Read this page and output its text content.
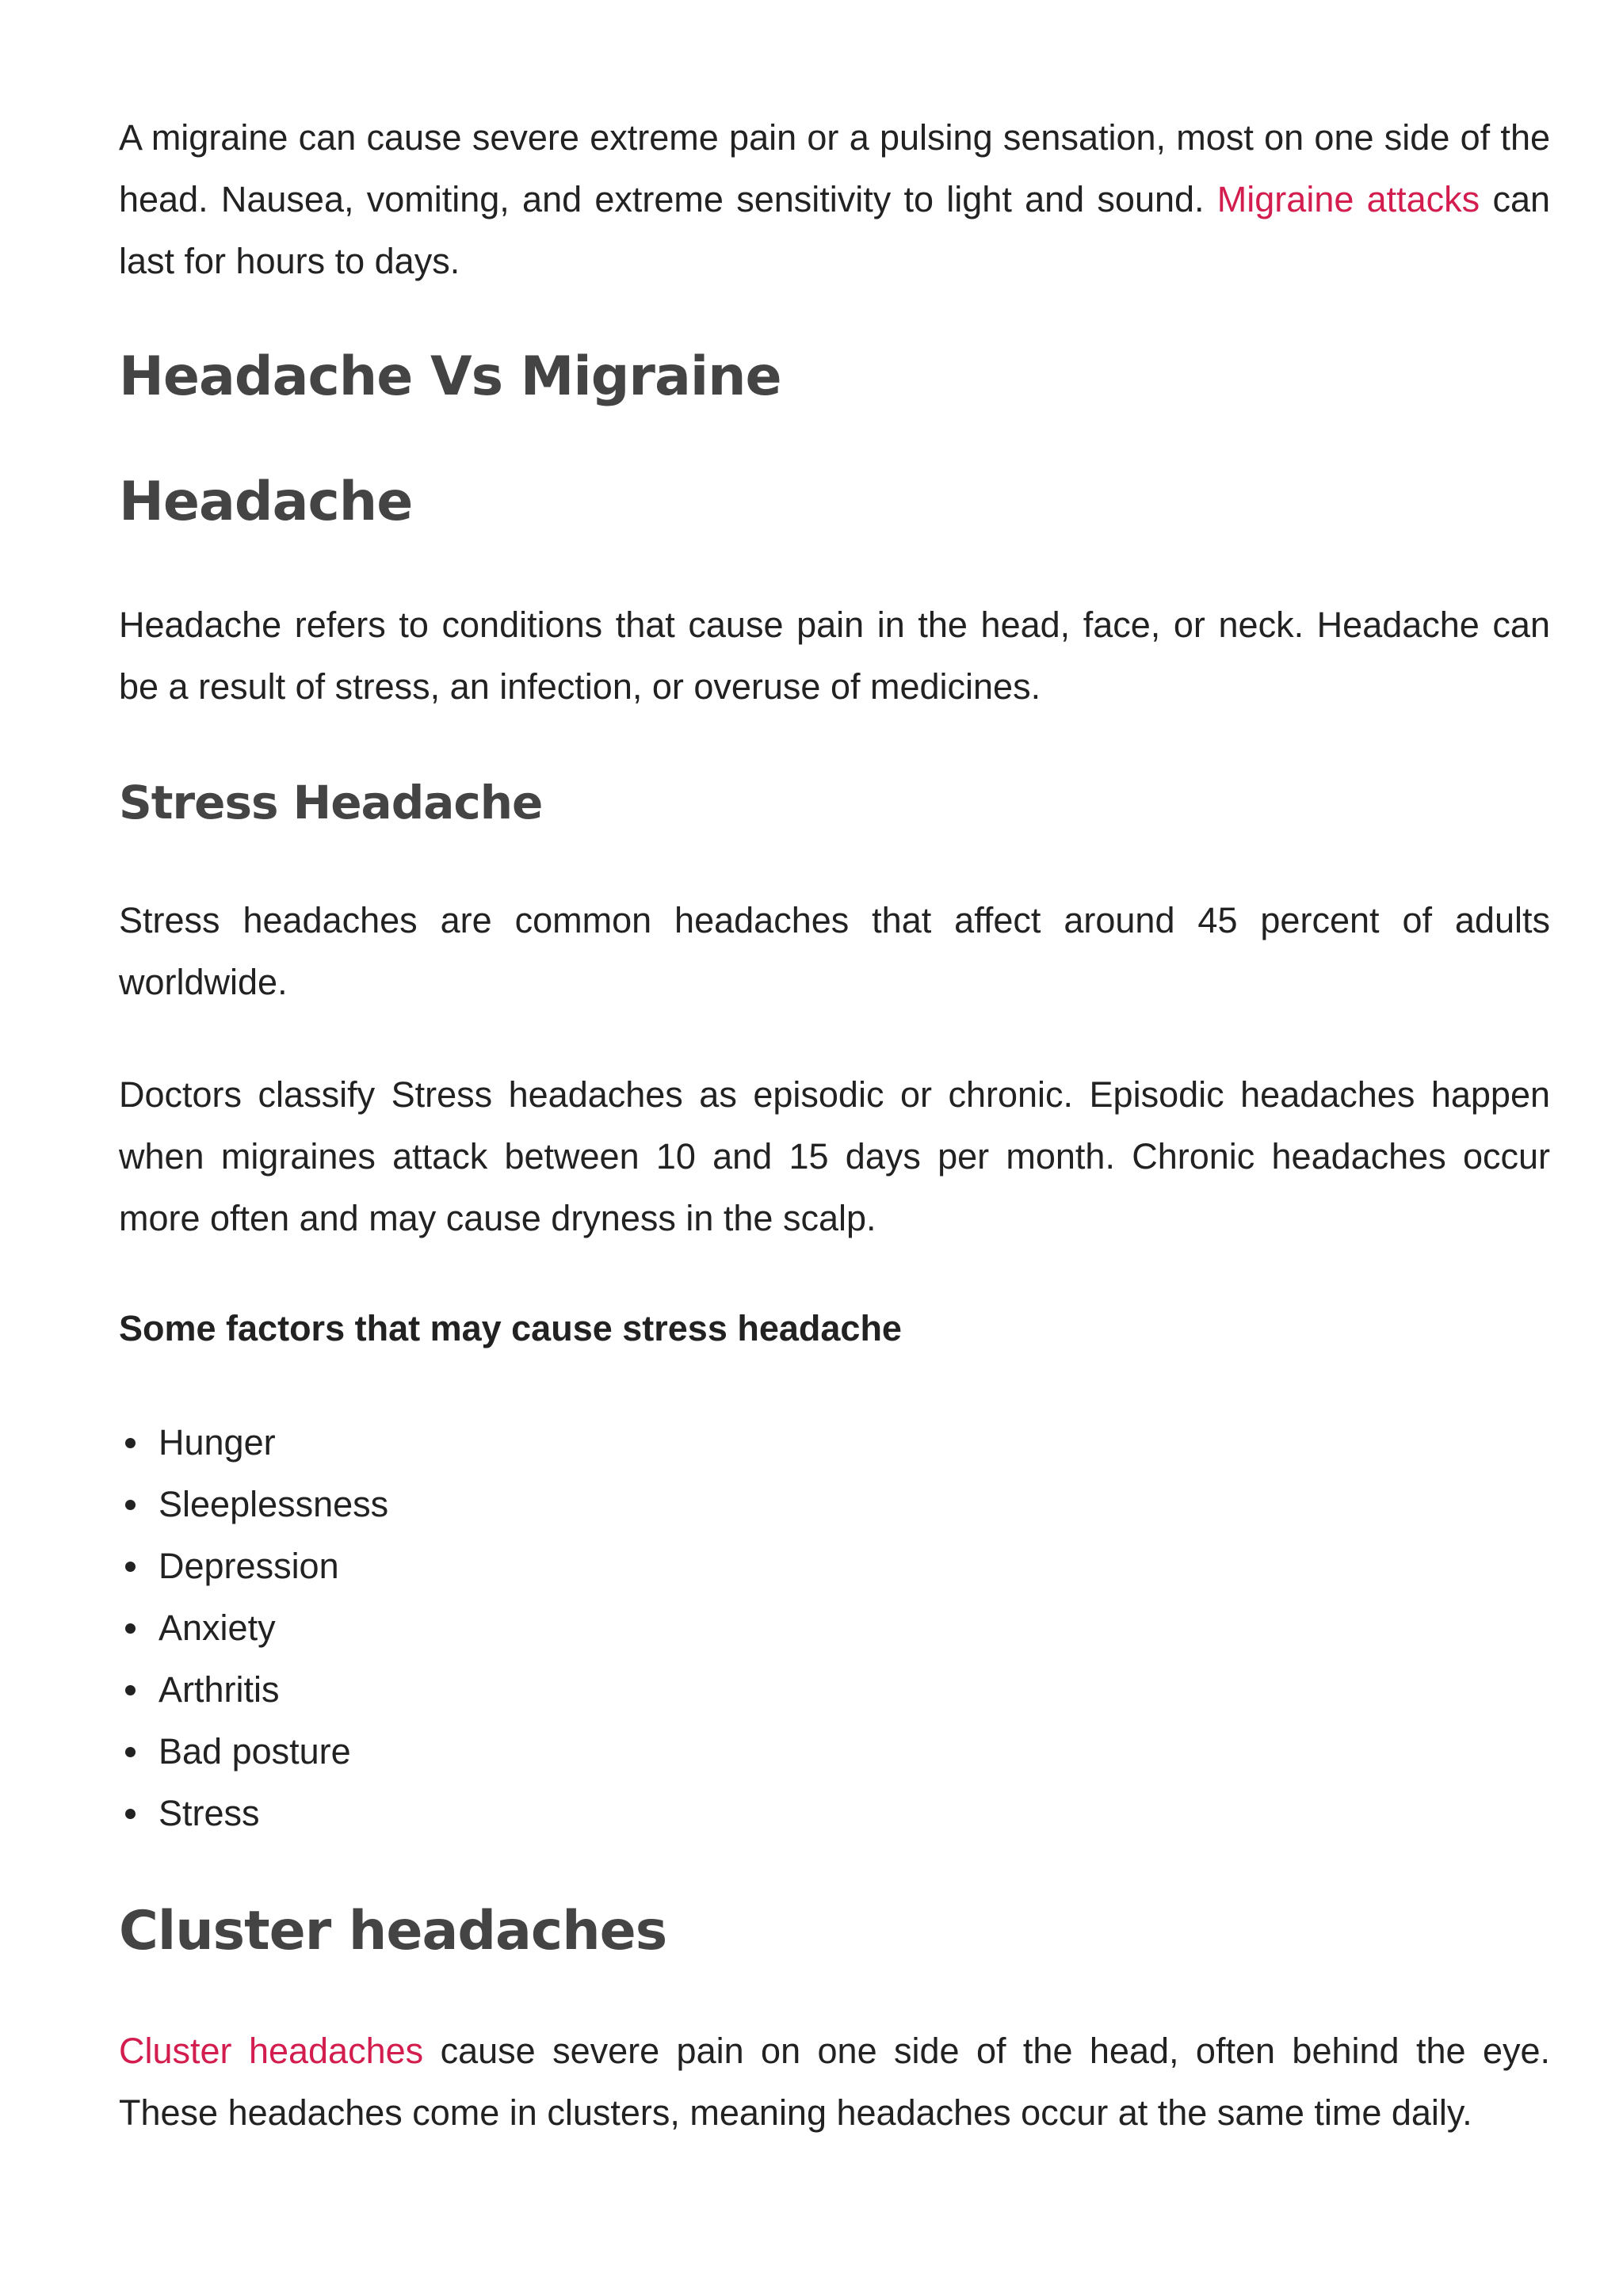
A migraine can cause severe extreme pain or a pulsing sensation, most on one side of the head. Nausea, vomiting, and extreme sensitivity to light and sound. Migraine attacks can last for hours to days.

Headache Vs Migraine
Headache

Headache refers to conditions that cause pain in the head, face, or neck. Headache can be a result of stress, an infection, or overuse of medicines.

Stress Headache

Stress headaches are common headaches that affect around 45 percent of adults worldwide.

Doctors classify Stress headaches as episodic or chronic. Episodic headaches happen when migraines attack between 10 and 15 days per month. Chronic headaches occur more often and may cause dryness in the scalp.

Some factors that may cause stress headache

Hunger
Sleeplessness
Depression
Anxiety
Arthritis
Bad posture
Stress
Cluster headaches

Cluster headaches cause severe pain on one side of the head, often behind the eye. These headaches come in clusters, meaning headaches occur at the same time daily.
